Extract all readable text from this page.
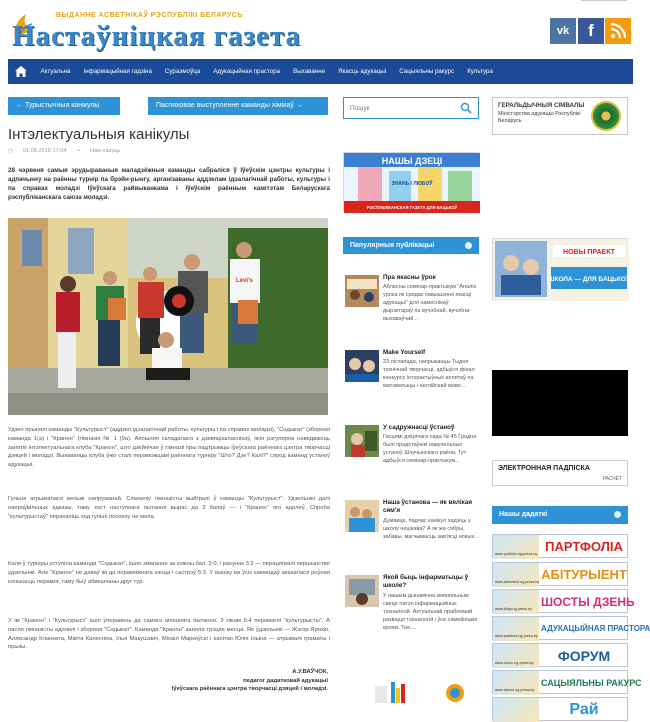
ВЫДАННЕ АСВЕТНІКАЎ РЭСПУБЛІКІ БЕЛАРУСЬ
Настаўніцкая газета	vk	f
Актуальна	Інфармацыйная гадзіна	Сураэмоўца	Адукацыйная прастора	Выхаванне	Якасць адукацыі	Сацыяльны ракурс	Культура
← Турыстычныя канікулы	Паспяховае выступленне каманды хімікаў →
Інтэлектуальныя канікулы
◷ 01.08.2018 17:04 ▪ Нам пішуць
28 чэрвеня самыя эрудыраваныя маладзёжныя каманды сабраліся ў Іўеўскім цэнтры культуры і адпачынку на раённы турнір па брэйн-рынгу, арганізаваны аддзелам ідэалагічнай работы, культуры і па справах моладзі Іўеўскага райвыканкама і Іўеўскім раённым камітэтам Беларускага рэспубліканскага саюза моладзі.
Levi's
Удзел прынялі каманды "Культурыст" (аддзел ідэалагічнай работы, культуры і па справах моладзі), "Сндыкат" (зборная каманда 1(а) і "Кранон" (гімназія № 1 (9а). Апошняя складалася з дзевяціакласнікаў, якія рэгулярна наведваюць заняткі інтэлектуальнага клуба "Кранон", што дзейнічае ў гімназіі пры падтрымцы Іўеўскага раённага цэнтра творчасці дзяцей і моладзі. Выхаванцы клуба ўжо сталі пераможцамі раённага турніру "Што? Дзе? Калі?" сярод каманд устаноў адукацыі.
Гульня атрымалася вельмі напружанай. Спачатку гімназісты выйгралі ў каманды "Культурыст". Удзельнікі далі напраўвільных адказы, таму хост наступнага пытання вырас да 3 балаў — і "Кранон" яго адолеў. Спроба "культурыстаў" перахапіць ход гульні поспеху не мела.
Каля ў турніры уступіла каманда "Сндыкат", ішло змаганне за кожны бал. 2:0, і рахунак 3:2 — перацягвалі першынство удзельнікі. Але "Кранон" не даваў ім да пераможнага канца і састрэў 5:3. У выніку ва ўсіх камандаў аказалася роўная колькасць перамог, таму быў абвешчаны друг тур.
У ім "Кранон" і "Культурыст" ішлі ўпоравень да самага апошняга пытання. З лікам 5:4 перамаглі "культурысты". А пасля гімназісты адолелі і зборная "Сндыкат". Каманда "Кранон" заняла трэцяе месца. Яе ўдзельнікі — Жэгор Ярохін, Аляксандр Кланката, Мікіта Калесніка, Ілья Макушэвіч, Міхаіл Маркоўскі і капітан Юлія Ільіна — атрымалі граматы і прызы.
А.У.ВАЎЧОК,
педагог дадатковай адукацыі
Іўеўскага раённага цэнтра творчасці дзяцей і моладзі.
Пошук
НАШЫ ДЗЕЦІ
ЗНАНЬ І ЛЮБОЎ
РЭСПУБЛІКАНСКАЯ ГАЗЕТА ДЛЯ БАЦЬКОЎ
Папулярныя публікацыі
Пра якасны ўрок
Абласны семінар-практыкум "Аналіз урока як сродак павышэння якасці адукацыі" для намеснікаў дырэктараў па вучэбнай, вучэбна-выхаваўчай...
Make Yourself
23 лістапада, напрыканцы Тыдня тэхнічнай творчасці, адбыўся фінал конкурсу інтэрактыўных аплетаў па матэматыцы і англійскай мове...
У садружнасці ўстаноў
Гасцямі дзіцячага сада № 45 Гродна былі прадстаўнікі навучальных устаноў Шчучынскага раёна. Тут адбыўся семінар-практыкум...
Наша ўстанова — як вялікая сям'я
Думаеце, падчас канікул хадзіць у школу нецікава? А як жа сябры, забавы, магчымасць зав'ясці новых...
Якой быць інфарматыцы ў школе?
У нашым дынамічна змяняльным свеце патэн інфармацыйных тэхналогій. Актуальнай праблемай развіцця тэхналогій і ўсе сямейніцкія кропкі. Тое,...
ГЕРАЛЬДЫЧНЫЯ СІМВАЛЫ
Міністэрства адукацыі Рэспублікі Беларусь
НОВЫ ПРАЕКТ
ШКОЛА — ДЛЯ БАЦЬКОЎ
ЭЛЕКТРОННАЯ ПАДПІСКА
РАСЧЁТ
Нашы дадаткі
www.portfolio.ng-press.by ПАРТФОЛІА
www.abiturient.ng-press.by АБІТУРЫЕНТ
www.6day.ng-press.by ШОСТЫ ДЗЕНЬ
www.prastora.ng-press.by
АДУКАЦЫЙНАЯ ПРАСТОРА
www.forum.ng-press.by	ФОРУМ
www.rakurs.ng-press.by
САЦЫЯЛЬНЫ РАКУРС
Рай
